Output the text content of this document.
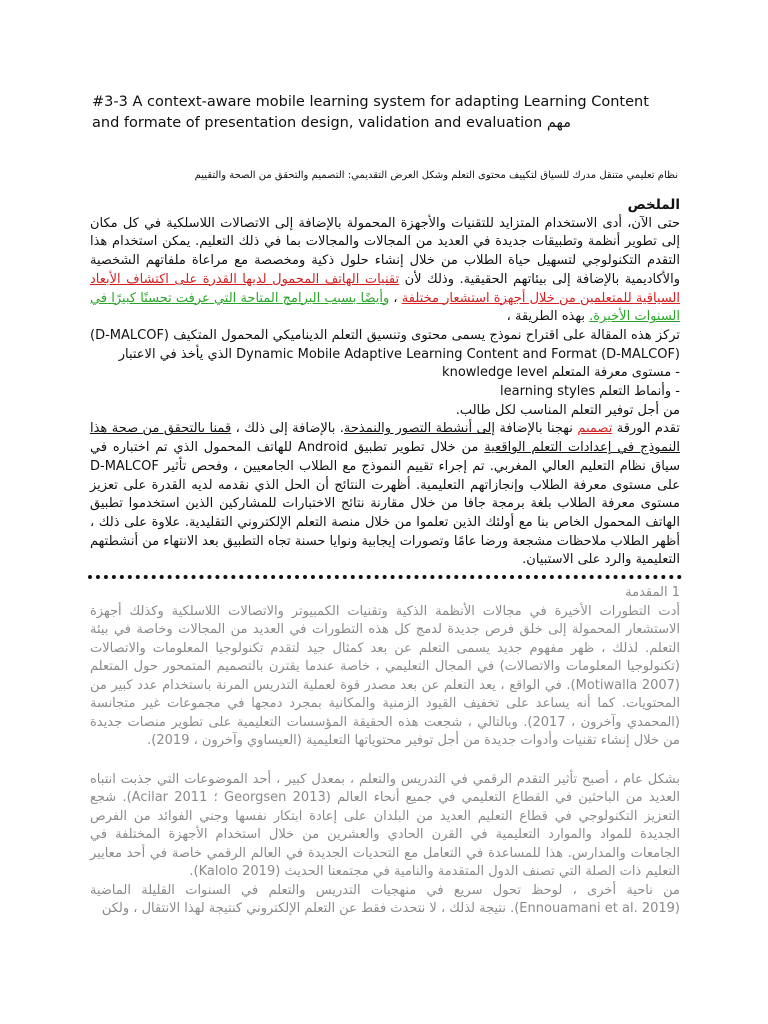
#3-3 A context-aware mobile learning system for adapting Learning Content and formate of presentation design, validation and evaluation مهم
نظام تعليمي متنقل مدرك للسياق لتكييف محتوى التعلم وشكل العرض التقديمي: التصميم والتحقق من الصحة والتقييم

الملخص

حتى الآن، أدى الاستخدام المتزايد للتقنيات والأجهزة المحمولة بالإضافة إلى الاتصالات اللاسلكية في كل مكان إلى تطوير أنظمة وتطبيقات جديدة في العديد من المجالات والمجالات بما في ذلك التعليم. يمكن استخدام هذا التقدم التكنولوجي لتسهيل حياة الطلاب من خلال إنشاء حلول ذكية ومخصصة مع مراعاة ملفاتهم الشخصية والأكاديمية بالإضافة إلى بيئاتهم الحقيقية. وذلك لأن تقنيات الهاتف المحمول لديها القدرة على اكتشاف الأبعاد السياقية للمتعلمين من خلال أجهزة استشعار مختلفة ، وأيضًا بسبب البرامج المتاحة التي عرفت تحسنًا كبيرًا في السنوات الأخيرة. بهذه الطريقة ،

تركز هذه المقالة على اقتراح نموذج يسمى محتوى وتنسيق التعلم الديناميكي المحمول المتكيف (D-MALCOF) Dynamic Mobile Adaptive Learning Content and Format (D-MALCOF) الذي يأخذ في الاعتبار

- مستوى معرفة المتعلم knowledge level

- وأنماط التعلم learning styles

من أجل توفير التعلم المناسب لكل طالب.

تقدم الورقة تصميم نهجنا بالإضافة إلى أنشطة التصور والنمذجة. بالإضافة إلى ذلك ، قمنا بالتحقق من صحة هذا النموذج في إعدادات التعلم الواقعية من خلال تطوير تطبيق Android للهاتف المحمول الذي تم اختباره في سياق نظام التعليم العالي المغربي. تم إجراء تقييم النموذج مع الطلاب الجامعيين ، وفحص تأثير D-MALCOF على مستوى معرفة الطلاب وإنجازاتهم التعليمية. أظهرت النتائج أن الحل الذي نقدمه لديه القدرة على تعزيز مستوى معرفة الطلاب بلغة برمجة جافا من خلال مقارنة نتائج الاختبارات للمشاركين الذين استخدموا تطبيق الهاتف المحمول الخاص بنا مع أولئك الذين تعلموا من خلال منصة التعلم الإلكتروني التقليدية. علاوة على ذلك ، أظهر الطلاب ملاحظات مشجعة ورضا عامًا وتصورات إيجابية ونوايا حسنة تجاه التطبيق بعد الانتهاء من أنشطتهم التعليمية والرد على الاستبيان.

1 المقدمة

أدت التطورات الأخيرة في مجالات الأنظمة الذكية وتقنيات الكمبيوتر والاتصالات اللاسلكية وكذلك أجهزة الاستشعار المحمولة إلى خلق فرص جديدة لدمج كل هذه التطورات في العديد من المجالات وخاصة في بيئة التعلم. لذلك ، ظهر مفهوم جديد يسمى التعلم عن بعد كمثال جيد لتقدم تكنولوجيا المعلومات والاتصالات (تكنولوجيا المعلومات والاتصالات) في المجال التعليمي ، خاصة عندما يقترن بالتصميم المتمحور حول المتعلم (Motiwalla 2007). في الواقع ، يعد التعلم عن بعد مصدر قوة لعملية التدريس المرنة باستخدام عدد كبير من المحتويات. كما أنه يساعد على تخفيف القيود الزمنية والمكانية بمجرد دمجها في مجموعات غير متجانسة (المحمدي وآخرون ، 2017). وبالتالي ، شجعت هذه الحقيقة المؤسسات التعليمية على تطوير منصات جديدة من خلال إنشاء تقنيات وأدوات جديدة من أجل توفير محتوياتها التعليمية (العيساوي وآخرون ، 2019).

بشكل عام ، أصبح تأثير التقدم الرقمي في التدريس والتعلم ، بمعدل كبير ، أحد الموضوعات التي جذبت انتباه العديد من الباحثين في القطاع التعليمي في جميع أنحاء العالم (Georgsen 2013 ؛ Acilar 2011). شجع التعزيز التكنولوجي في قطاع التعليم العديد من البلدان على إعادة ابتكار نفسها وجني الفوائد من الفرص الجديدة للمواد والموارد التعليمية في القرن الحادي والعشرين من خلال استخدام الأجهزة المختلفة في الجامعات والمدارس. هذا للمساعدة في التعامل مع التحديات الجديدة في العالم الرقمي خاصة في أحد معايير التعليم ذات الصلة التي تصنف الدول المتقدمة والنامية في مجتمعنا الحديث (Kalolo 2019).

من ناحية أخرى ، لوحظ تحول سريع في منهجيات التدريس والتعلم في السنوات القليلة الماضية (Ennouamani et al. 2019). نتيجة لذلك ، لا نتحدث فقط عن التعلم الإلكتروني كنتيجة لهذا الانتقال ، ولكن
